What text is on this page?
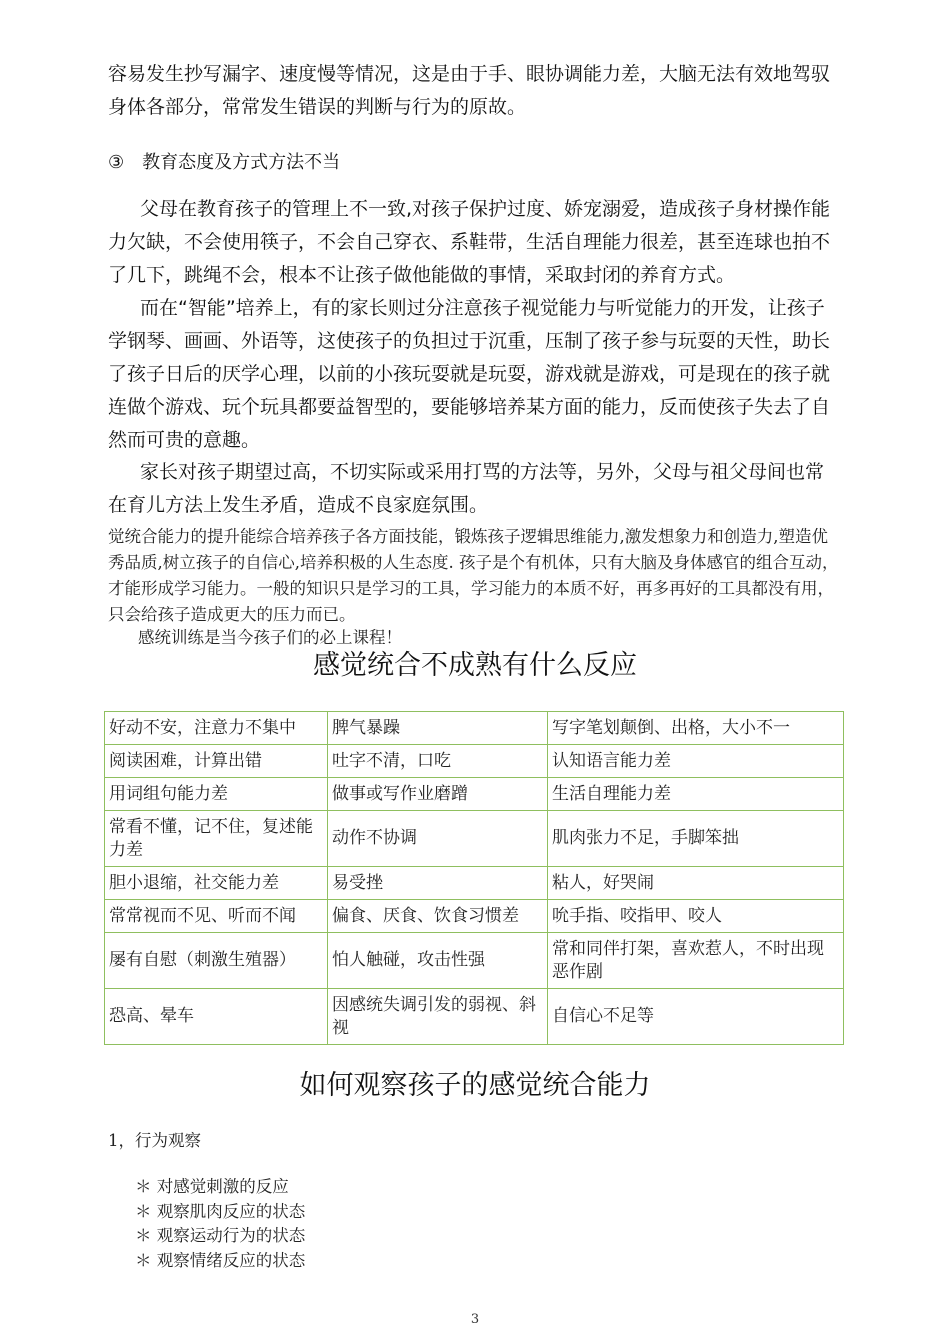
容易发生抄写漏字、速度慢等情况，这是由于手、眼协调能力差，大脑无法有效地驾驭身体各部分，常常发生错误的判断与行为的原故。
③　教育态度及方式方法不当
父母在教育孩子的管理上不一致,对孩子保护过度、娇宠溺爱，造成孩子身材操作能力欠缺，不会使用筷子，不会自己穿衣、系鞋带，生活自理能力很差，甚至连球也拍不了几下，跳绳不会，根本不让孩子做他能做的事情，采取封闭的养育方式。
而在“智能”培养上，有的家长则过分注意孩子视觉能力与听觉能力的开发，让孩子学钢琴、画画、外语等，这使孩子的负担过于沉重，压制了孩子参与玩耍的天性，助长了孩子日后的厌学心理，以前的小孩玩耍就是玩耍，游戏就是游戏，可是现在的孩子就连做个游戏、玩个玩具都要益智型的，要能够培养某方面的能力，反而使孩子失去了自然而可贵的意趣。
家长对孩子期望过高，不切实际或采用打骂的方法等，另外，父母与祖父母间也常在育儿方法上发生矛盾，造成不良家庭氛围。
觉统合能力的提升能综合培养孩子各方面技能，锻炼孩子逻辑思维能力,激发想象力和创造力,塑造优秀品质,树立孩子的自信心,培养积极的人生态度. 孩子是个有机体，只有大脑及身体感官的组合互动，才能形成学习能力。一般的知识只是学习的工具，学习能力的本质不好，再多再好的工具都没有用，只会给孩子造成更大的压力而已。
感统训练是当今孩子们的必上课程！
感觉统合不成熟有什么反应
好动不安，注意力不集中	脾气暴躁	写字笔划颠倒、出格，大小不一
阅读困难，计算出错	吐字不清，口吃	认知语言能力差
用词组句能力差	做事或写作业磨蹭	生活自理能力差
常看不懂，记不住，复述能力差	动作不协调	肌肉张力不足，手脚笨拙
胆小退缩，社交能力差	易受挫	粘人，好哭闹
常常视而不见、听而不闻	偏食、厌食、饮食习惯差	吮手指、咬指甲、咬人
屡有自慰（刺激生殖器）	怕人触碰，攻击性强	常和同伴打架，喜欢惹人，不时出现恶作剧
恐高、晕车	因感统失调引发的弱视、斜视	自信心不足等
如何观察孩子的感觉统合能力
1，行为观察
＊ 对感觉刺激的反应
＊ 观察肌肉反应的状态
＊ 观察运动行为的状态
＊ 观察情绪反应的状态
3
